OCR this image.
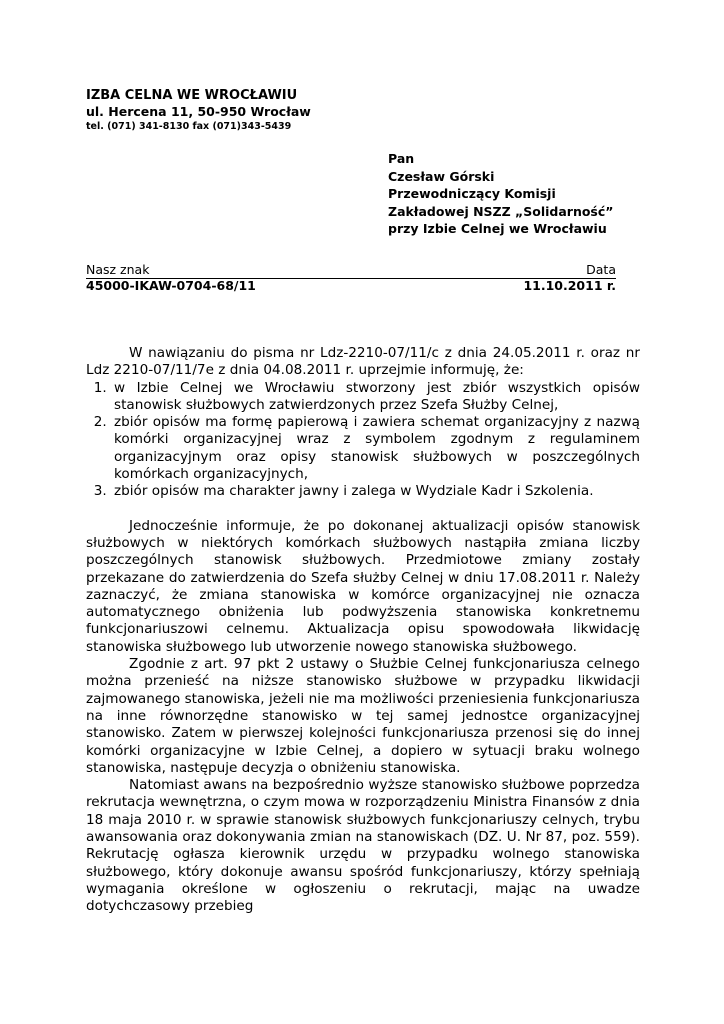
IZBA CELNA WE WROCŁAWIU
ul. Hercena 11, 50-950 Wrocław
tel. (071) 341-8130 fax (071)343-5439
Pan
Czesław Górski
Przewodniczący Komisji
Zakładowej NSZZ „Solidarność”
przy Izbie Celnej we Wrocławiu
Nasz znak	Data
45000-IKAW-0704-68/11	11.10.2011 r.

W nawiązaniu do pisma nr Ldz-2210-07/11/c z dnia 24.05.2011 r. oraz nr Ldz 2210-07/11/7e z dnia 04.08.2011 r. uprzejmie informuję, że:

1. w Izbie Celnej we Wrocławiu stworzony jest zbiór wszystkich opisów stanowisk służbowych zatwierdzonych przez Szefa Służby Celnej,
2. zbiór opisów ma formę papierową i zawiera schemat organizacyjny z nazwą komórki organizacyjnej wraz z symbolem zgodnym z regulaminem organizacyjnym oraz opisy stanowisk służbowych w poszczególnych komórkach organizacyjnych,
3. zbiór opisów ma charakter jawny i zalega w Wydziale Kadr i Szkolenia.

Jednocześnie informuje, że po dokonanej aktualizacji opisów stanowisk służbowych w niektórych komórkach służbowych nastąpiła zmiana liczby poszczególnych stanowisk służbowych. Przedmiotowe zmiany zostały przekazane do zatwierdzenia do Szefa służby Celnej w dniu 17.08.2011 r. Należy zaznaczyć, że zmiana stanowiska w komórce organizacyjnej nie oznacza automatycznego obniżenia lub podwyższenia stanowiska konkretnemu funkcjonariuszowi celnemu. Aktualizacja opisu spowodowała likwidację stanowiska służbowego lub utworzenie nowego stanowiska służbowego.

Zgodnie z art. 97 pkt 2 ustawy o Służbie Celnej funkcjonariusza celnego można przenieść na niższe stanowisko służbowe w przypadku likwidacji zajmowanego stanowiska, jeżeli nie ma możliwości przeniesienia funkcjonariusza na inne równorzędne stanowisko w tej samej jednostce organizacyjnej stanowisko. Zatem w pierwszej kolejności funkcjonariusza przenosi się do innej komórki organizacyjne w Izbie Celnej, a dopiero w sytuacji braku wolnego stanowiska, następuje decyzja o obniżeniu stanowiska.

Natomiast awans na bezpośrednio wyższe stanowisko służbowe poprzedza rekrutacja wewnętrzna, o czym mowa w rozporządzeniu Ministra Finansów z dnia 18 maja 2010 r. w sprawie stanowisk służbowych funkcjonariuszy celnych, trybu awansowania oraz dokonywania zmian na stanowiskach (DZ. U. Nr 87, poz. 559). Rekrutację ogłasza kierownik urzędu w przypadku wolnego stanowiska służbowego, który dokonuje awansu spośród funkcjonariuszy, którzy spełniają wymagania określone w ogłoszeniu o rekrutacji, mając na uwadze dotychczasowy przebieg
